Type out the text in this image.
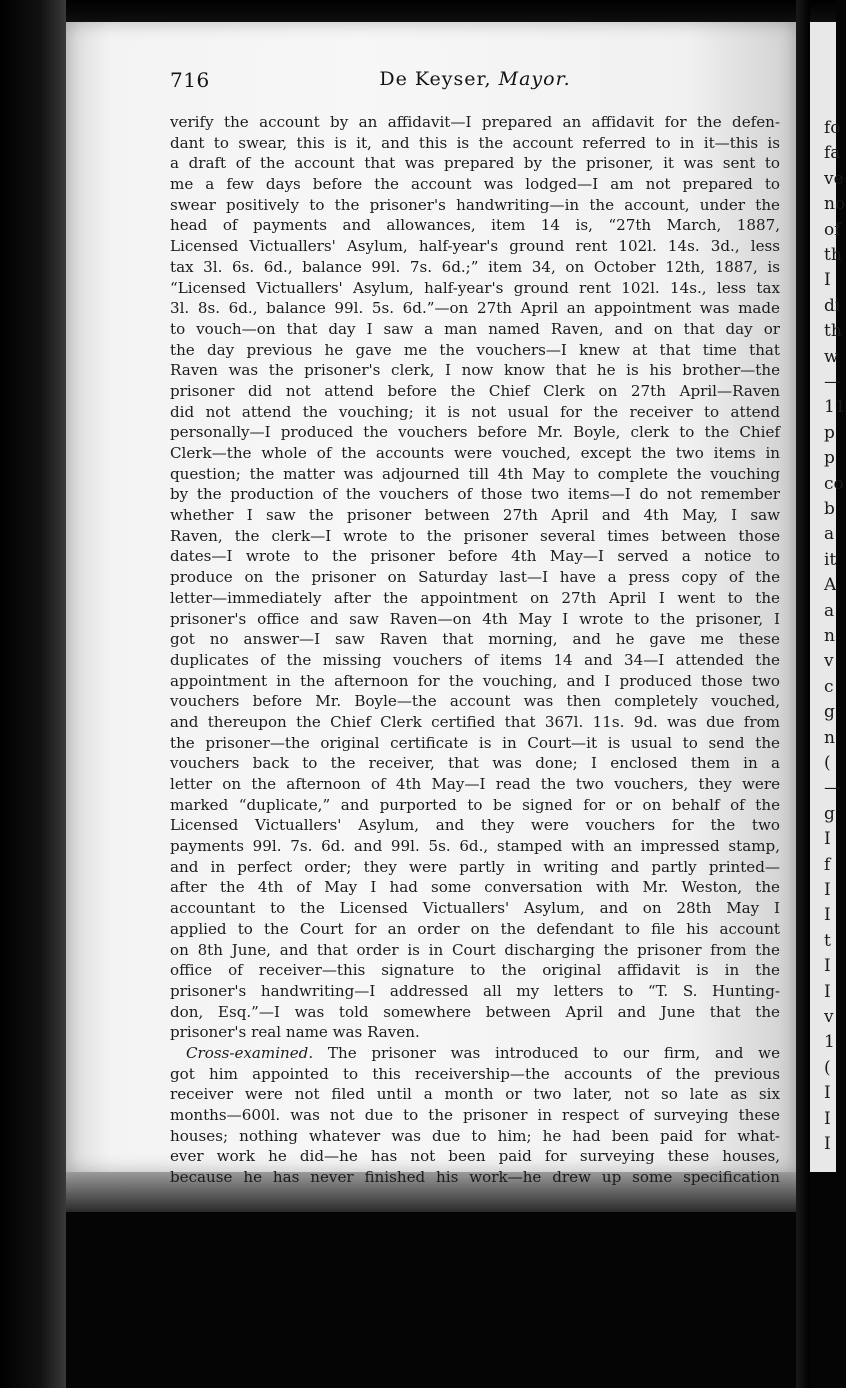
fo
fa
ve
no
of
th
I
di
th
w
—
11
p
p
co
b
a
it
A
a
n
v
c
g
n
(
—
g
I
f
I
I
t
I
I
v
1
(
I
I
I
716	De Keyser, Mayor.
verify the account by an affidavit—I prepared an affidavit for the defen-
dant to swear, this is it, and this is the account referred to in it—this is
a draft of the account that was prepared by the prisoner, it was sent to
me a few days before the account was lodged—I am not prepared to
swear positively to the prisoner's handwriting—in the account, under the
head of payments and allowances, item 14 is, “27th March, 1887,
Licensed Victuallers' Asylum, half-year's ground rent 102l. 14s. 3d., less
tax 3l. 6s. 6d., balance 99l. 7s. 6d.;” item 34, on October 12th, 1887, is
“Licensed Victuallers' Asylum, half-year's ground rent 102l. 14s., less tax
3l. 8s. 6d., balance 99l. 5s. 6d.”—on 27th April an appointment was made
to vouch—on that day I saw a man named Raven, and on that day or
the day previous he gave me the vouchers—I knew at that time that
Raven was the prisoner's clerk, I now know that he is his brother—the
prisoner did not attend before the Chief Clerk on 27th April—Raven
did not attend the vouching; it is not usual for the receiver to attend
personally—I produced the vouchers before Mr. Boyle, clerk to the Chief
Clerk—the whole of the accounts were vouched, except the two items in
question; the matter was adjourned till 4th May to complete the vouching
by the production of the vouchers of those two items—I do not remember
whether I saw the prisoner between 27th April and 4th May, I saw
Raven, the clerk—I wrote to the prisoner several times between those
dates—I wrote to the prisoner before 4th May—I served a notice to
produce on the prisoner on Saturday last—I have a press copy of the
letter—immediately after the appointment on 27th April I went to the
prisoner's office and saw Raven—on 4th May I wrote to the prisoner, I
got no answer—I saw Raven that morning, and he gave me these
duplicates of the missing vouchers of items 14 and 34—I attended the
appointment in the afternoon for the vouching, and I produced those two
vouchers before Mr. Boyle—the account was then completely vouched,
and thereupon the Chief Clerk certified that 367l. 11s. 9d. was due from
the prisoner—the original certificate is in Court—it is usual to send the
vouchers back to the receiver, that was done; I enclosed them in a
letter on the afternoon of 4th May—I read the two vouchers, they were
marked “duplicate,” and purported to be signed for or on behalf of the
Licensed Victuallers' Asylum, and they were vouchers for the two
payments 99l. 7s. 6d. and 99l. 5s. 6d., stamped with an impressed stamp,
and in perfect order; they were partly in writing and partly printed—
after the 4th of May I had some conversation with Mr. Weston, the
accountant to the Licensed Victuallers' Asylum, and on 28th May I
applied to the Court for an order on the defendant to file his account
on 8th June, and that order is in Court discharging the prisoner from the
office of receiver—this signature to the original affidavit is in the
prisoner's handwriting—I addressed all my letters to “T. S. Hunting-
don, Esq.”—I was told somewhere between April and June that the
prisoner's real name was Raven.
Cross-examined. The prisoner was introduced to our firm, and we
got him appointed to this receivership—the accounts of the previous
receiver were not filed until a month or two later, not so late as six
months—600l. was not due to the prisoner in respect of surveying these
houses; nothing whatever was due to him; he had been paid for what-
ever work he did—he has not been paid for surveying these houses,
because he has never finished his work—he drew up some specification
